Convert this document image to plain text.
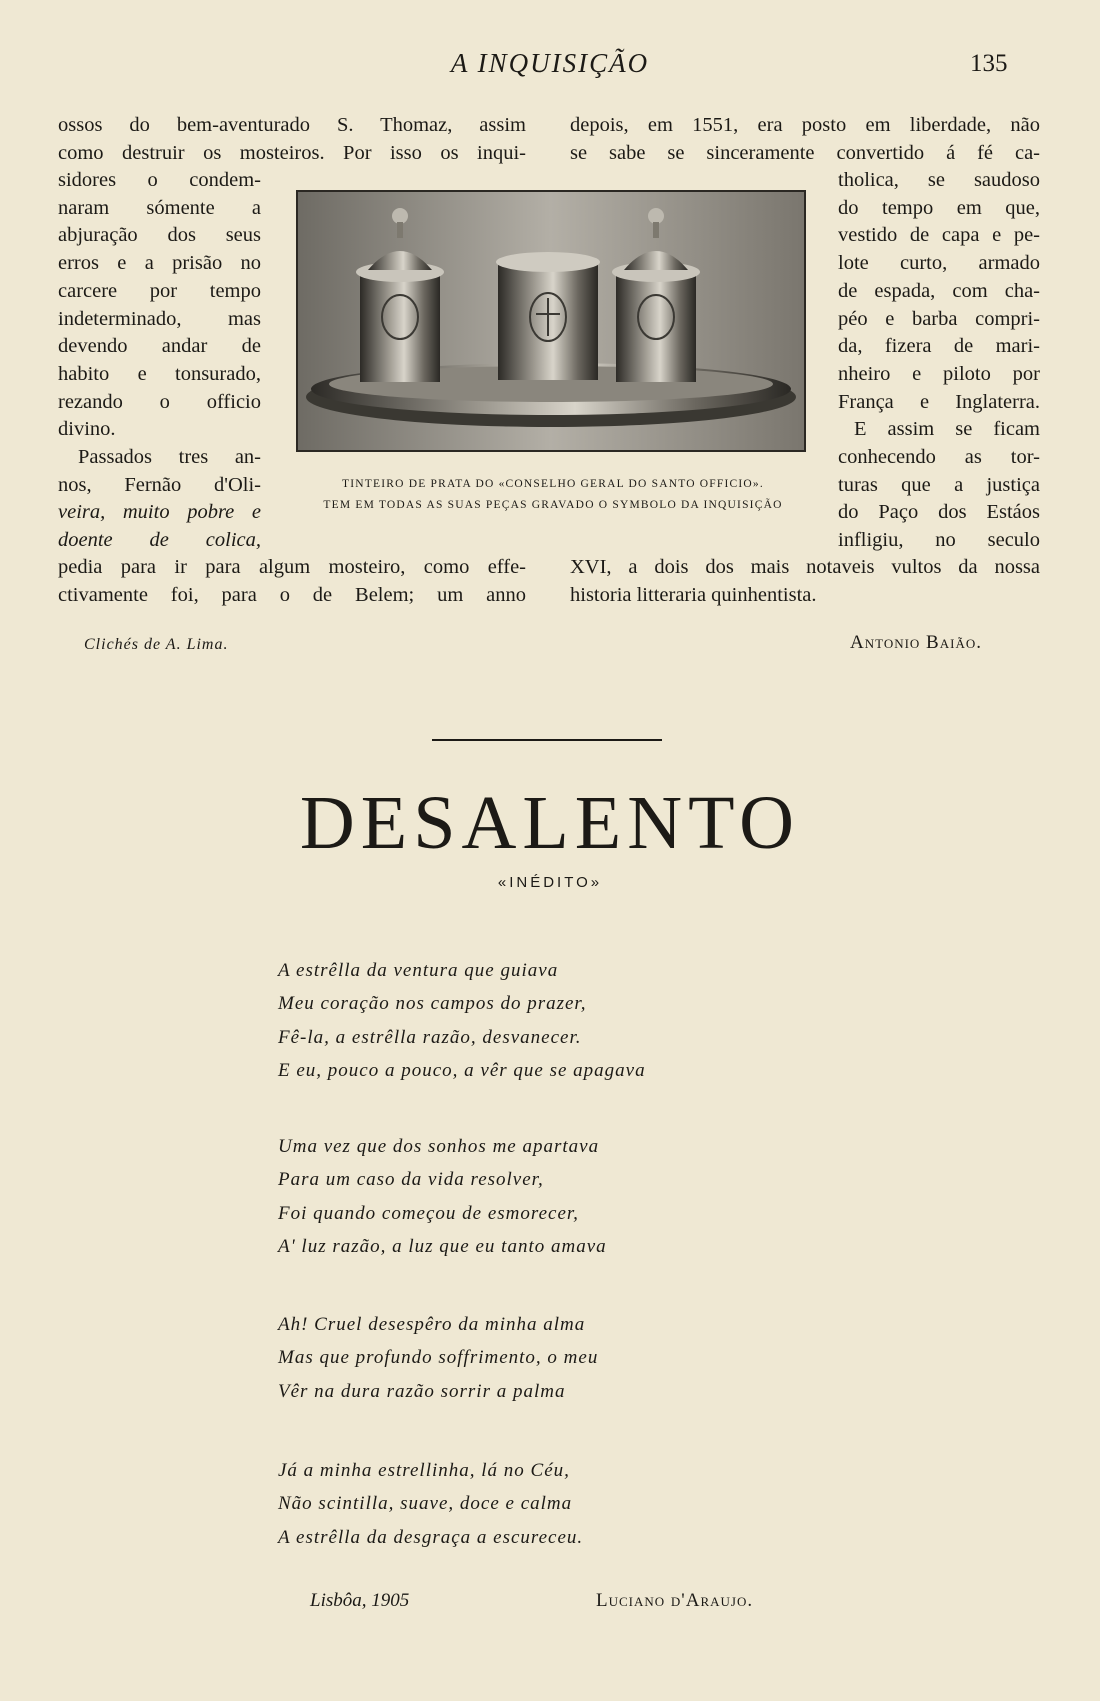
A INQUISIÇÃO	135
ossos do bem-aventurado S. Thomaz, assim
como destruir os mosteiros. Por isso os inqui-
sidores o condem-
naram sómente a
abjuração dos seus
erros e a prisão no
carcere por tempo
indeterminado, mas
devendo andar de
habito e tonsurado,
rezando o officio
divino.
Passados tres an-
nos, Fernão d'Oli-
veira, muito pobre e
doente de colica,
pedia para ir para algum mosteiro, como effe-
ctivamente foi, para o de Belem; um anno
depois, em 1551, era posto em liberdade, não
se sabe se sinceramente convertido á fé ca-
tholica, se saudoso
do tempo em que,
vestido de capa e pe-
lote curto, armado
de espada, com cha-
péo e barba compri-
da, fizera de mari-
nheiro e piloto por
França e Inglaterra.
E assim se ficam
conhecendo as tor-
turas que a justiça
do Paço dos Estáos
infligiu, no seculo
XVI, a dois dos mais notaveis vultos da nossa
historia litteraria quinhentista.
TINTEIRO DE PRATA DO «CONSELHO GERAL DO SANTO OFFICIO».
TEM EM TODAS AS SUAS PEÇAS GRAVADO O SYMBOLO DA INQUISIÇÃO
Clichés de A. Lima.	Antonio Baião.
DESALENTO
«INÉDITO»
A estrêlla da ventura que guiava
Meu coração nos campos do prazer,
Fê-la, a estrêlla razão, desvanecer.
E eu, pouco a pouco, a vêr que se apagava
Uma vez que dos sonhos me apartava
Para um caso da vida resolver,
Foi quando começou de esmorecer,
A' luz razão, a luz que eu tanto amava
Ah! Cruel desespêro da minha alma
Mas que profundo soffrimento, o meu
Vêr na dura razão sorrir a palma
Já a minha estrellinha, lá no Céu,
Não scintilla, suave, doce e calma
A estrêlla da desgraça a escureceu.
Lisbôa, 1905	Luciano d'Araujo.
